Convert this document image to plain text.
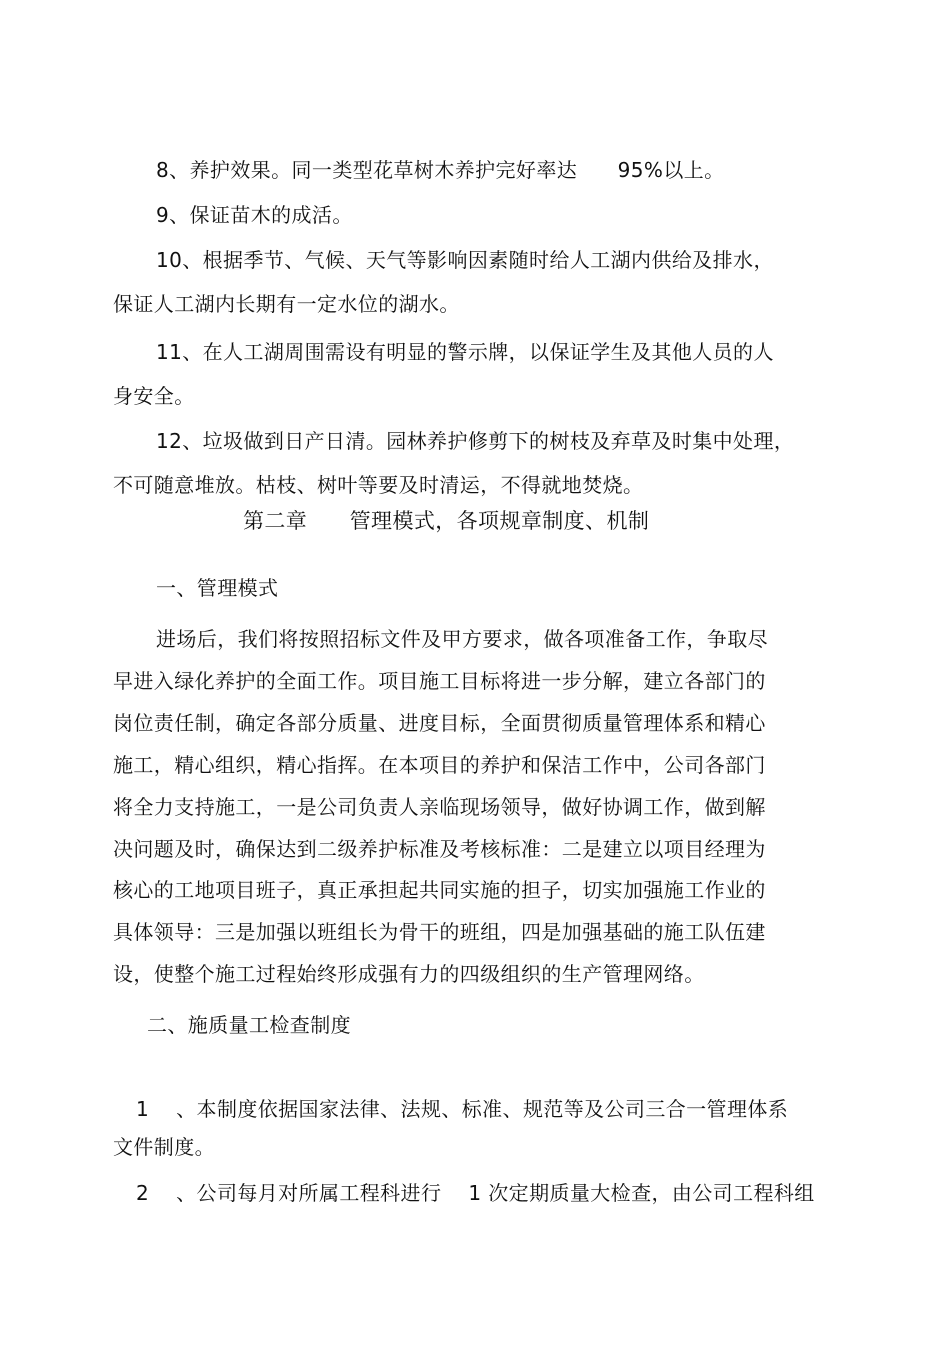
8、养护效果。同一类型花草树木养护完好率达      95%以上。
9、保证苗木的成活。
10、根据季节、气候、天气等影响因素随时给人工湖内供给及排水，
保证人工湖内长期有一定水位的湖水。
11、在人工湖周围需设有明显的警示牌，以保证学生及其他人员的人
身安全。
12、垃圾做到日产日清。园林养护修剪下的树枝及弃草及时集中处理，
不可随意堆放。枯枝、树叶等要及时清运，不得就地焚烧。
第二章      管理模式，各项规章制度、机制
一、管理模式
进场后，我们将按照招标文件及甲方要求，做各项准备工作，争取尽
早进入绿化养护的全面工作。项目施工目标将进一步分解，建立各部门的
岗位责任制，确定各部分质量、进度目标，全面贯彻质量管理体系和精心
施工，精心组织，精心指挥。在本项目的养护和保洁工作中，公司各部门
将全力支持施工，一是公司负责人亲临现场领导，做好协调工作，做到解
决问题及时，确保达到二级养护标准及考核标准：二是建立以项目经理为
核心的工地项目班子，真正承担起共同实施的担子，切实加强施工作业的
具体领导：三是加强以班组长为骨干的班组，四是加强基础的施工队伍建
设，使整个施工过程始终形成强有力的四级组织的生产管理网络。
二、施质量工检查制度
1    、本制度依据国家法律、法规、标准、规范等及公司三合一管理体系
文件制度。
2    、公司每月对所属工程科进行    1 次定期质量大检查，由公司工程科组
